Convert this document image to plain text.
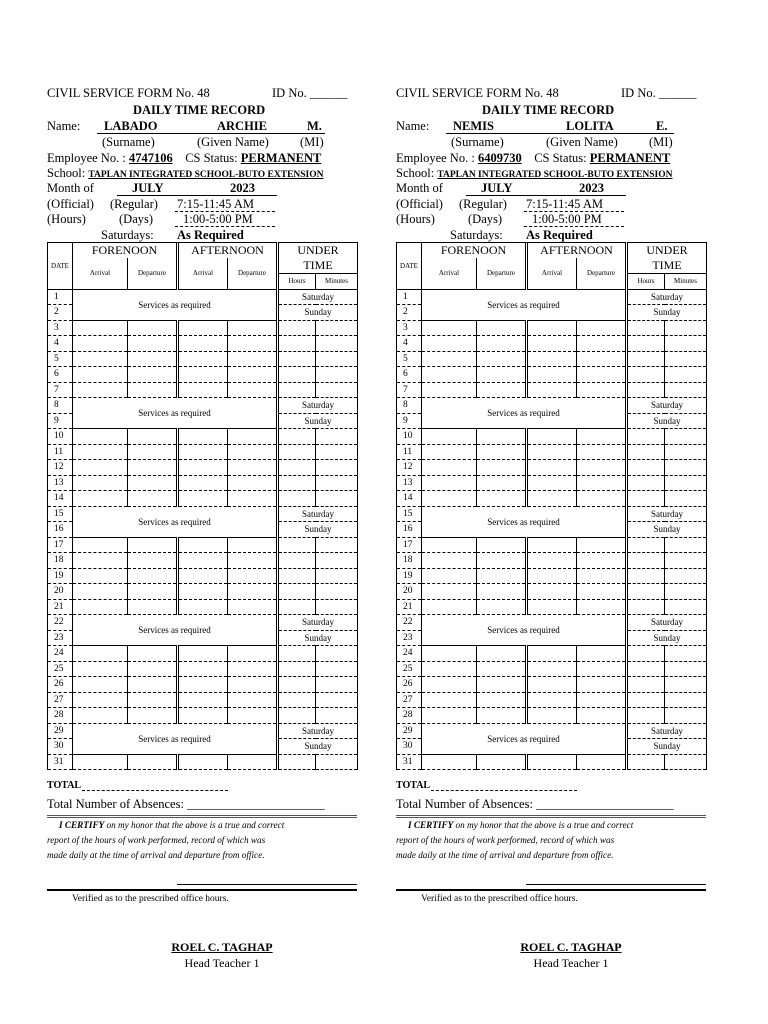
CIVIL SERVICE FORM No. 48	ID No. ______
DAILY TIME RECORD
Name: LABADO	ARCHIE	M.
(Surname)	(Given Name) (MI)
Employee No. : 4747106 CS Status: PERMANENT
School: TAPLAN INTEGRATED SCHOOL-BUTO EXTENSION
Month of	JULY	2023
(Official) (Regular) 7:15-11:45 AM
(Hours)	(Days) 1:00-5:00 PM
Saturdays: As Required
DATE	FORENOON		AFTERNOON		UNDER	
	Arrival	Departure	Arrival	Departure	TIME	
					Hours	Minutes
1	Services as required				Saturday	
2					Sunday	
3						
4						
5						
6						
7						
8	Services as required				Saturday	
9					Sunday	
10						
11						
12						
13						
14						
15	Services as required				Saturday	
16					Sunday	
17						
18						
19						
20						
21						
22	Services as required				Saturday	
23					Sunday	
24						
25						
26						
27						
28						
29	Services as required				Saturday	
30					Sunday	
31						
TOTAL
Total Number of Absences: ______________________
I CERTIFY on my honor that the above is a true and correct
report of the hours of work performed, record of which was
made daily at the time of arrival and departure from office.
Verified as to the prescribed office hours.
ROEL C. TAGHAP
Head Teacher 1
CIVIL SERVICE FORM No. 48	ID No. ______
DAILY TIME RECORD
Name: NEMIS	LOLITA	E.
(Surname)	(Given Name) (MI)
Employee No. : 6409730 CS Status: PERMANENT
School: TAPLAN INTEGRATED SCHOOL-BUTO EXTENSION
Month of	JULY	2023
(Official) (Regular) 7:15-11:45 AM
(Hours)	(Days) 1:00-5:00 PM
Saturdays: As Required
DATE	FORENOON		AFTERNOON		UNDER	
	Arrival	Departure	Arrival	Departure	TIME	
					Hours	Minutes
1	Services as required				Saturday	
2					Sunday	
3						
4						
5						
6						
7						
8	Services as required				Saturday	
9					Sunday	
10						
11						
12						
13						
14						
15	Services as required				Saturday	
16					Sunday	
17						
18						
19						
20						
21						
22	Services as required				Saturday	
23					Sunday	
24						
25						
26						
27						
28						
29	Services as required				Saturday	
30					Sunday	
31						
TOTAL
Total Number of Absences: ______________________
I CERTIFY on my honor that the above is a true and correct
report of the hours of work performed, record of which was
made daily at the time of arrival and departure from office.
Verified as to the prescribed office hours.
ROEL C. TAGHAP
Head Teacher 1
